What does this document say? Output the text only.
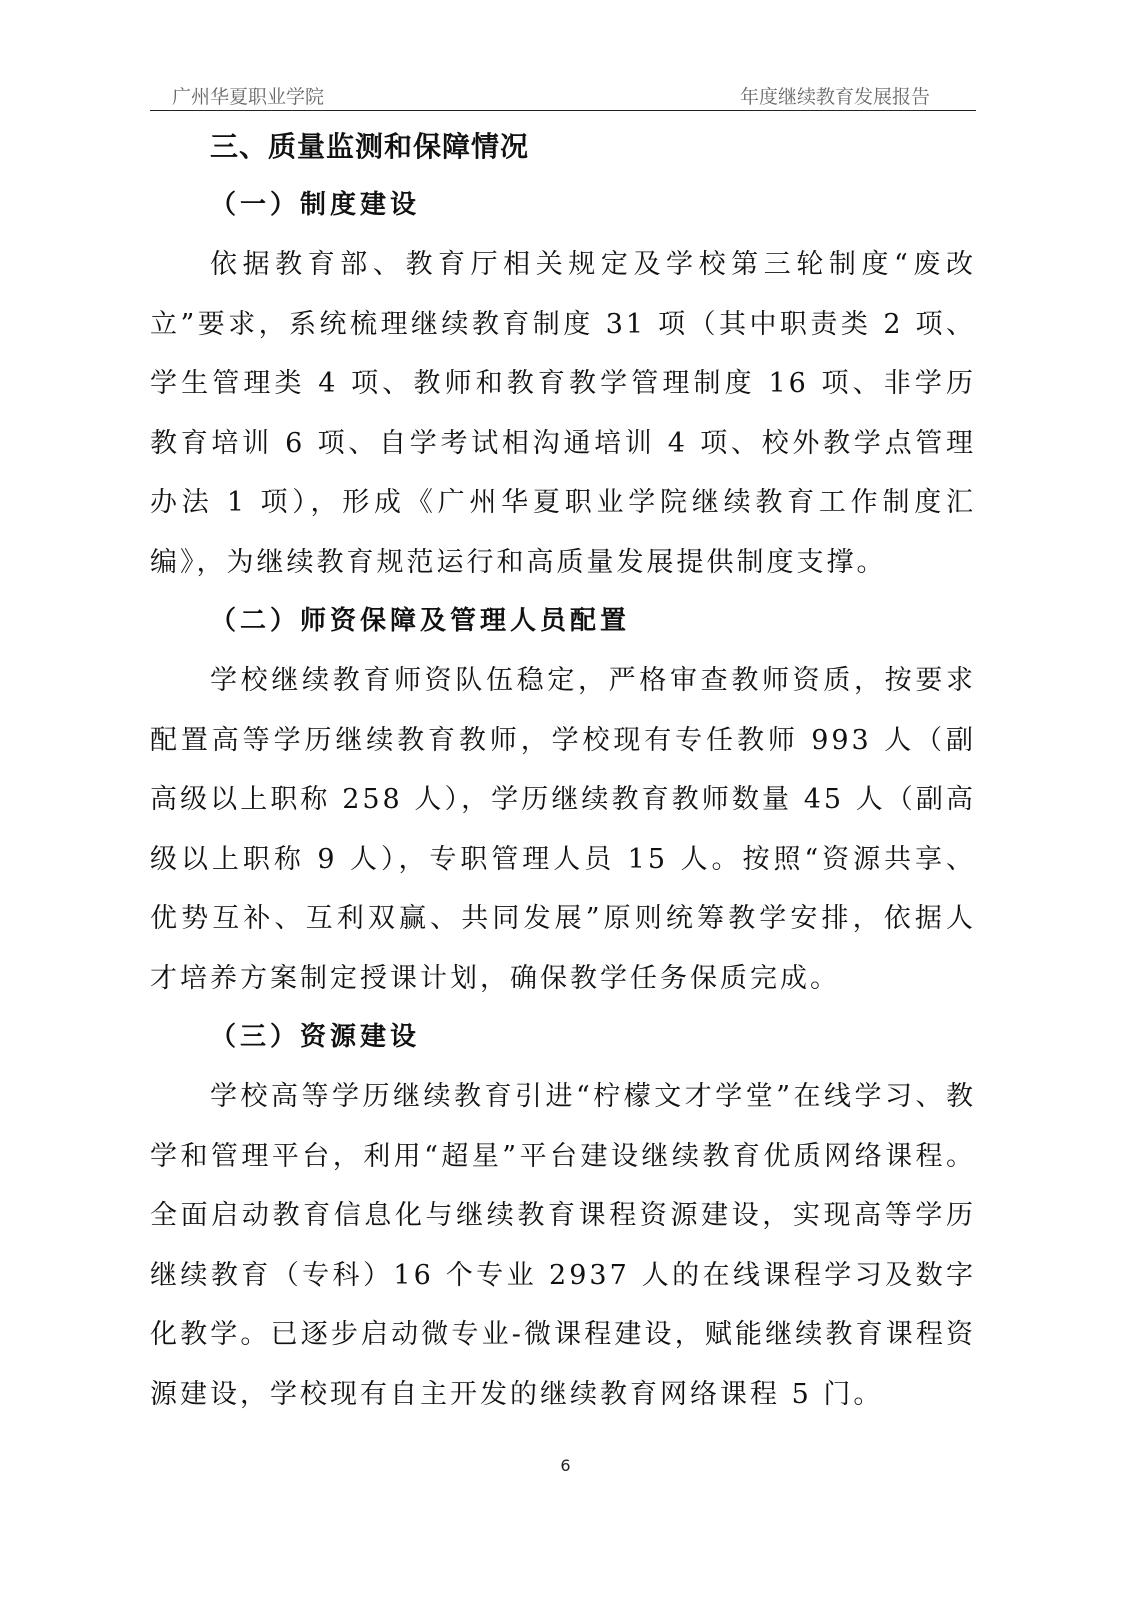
广州华夏职业学院	年度继续教育发展报告
三、质量监测和保障情况
（一）制度建设

依据教育部、教育厅相关规定及学校第三轮制度“废改立”要求，系统梳理继续教育制度 31 项（其中职责类 2 项、学生管理类 4 项、教师和教育教学管理制度 16 项、非学历教育培训 6 项、自学考试相沟通培训 4 项、校外教学点管理办法 1 项），形成《广州华夏职业学院继续教育工作制度汇编》，为继续教育规范运行和高质量发展提供制度支撑。

（二）师资保障及管理人员配置

学校继续教育师资队伍稳定，严格审查教师资质，按要求配置高等学历继续教育教师，学校现有专任教师 993 人（副高级以上职称 258 人），学历继续教育教师数量 45 人（副高级以上职称 9 人），专职管理人员 15 人。按照“资源共享、优势互补、互利双赢、共同发展”原则统筹教学安排，依据人才培养方案制定授课计划，确保教学任务保质完成。

（三）资源建设

学校高等学历继续教育引进“柠檬文才学堂”在线学习、教学和管理平台，利用“超星”平台建设继续教育优质网络课程。全面启动教育信息化与继续教育课程资源建设，实现高等学历继续教育（专科）16 个专业 2937 人的在线课程学习及数字化教学。已逐步启动微专业-微课程建设，赋能继续教育课程资源建设，学校现有自主开发的继续教育网络课程 5 门。

6
